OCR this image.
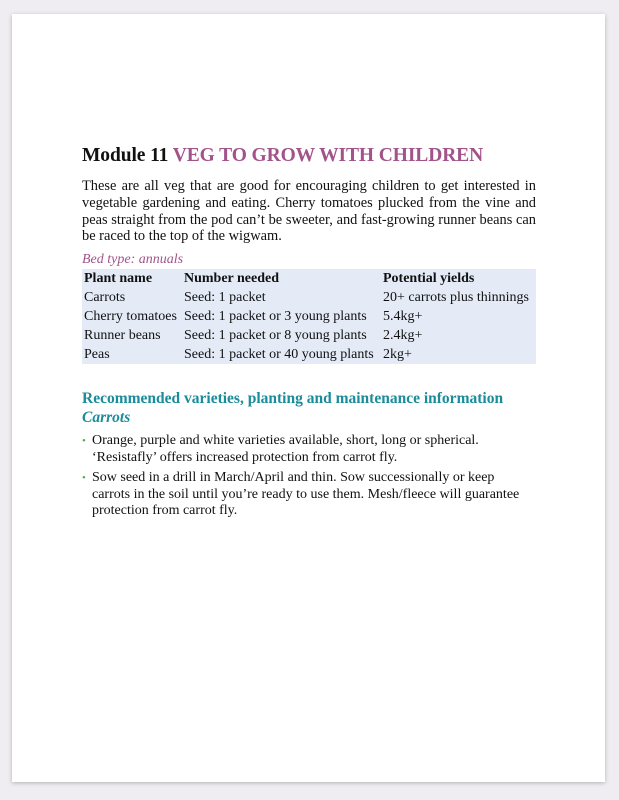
Module 11 VEG TO GROW WITH CHILDREN

These are all veg that are good for encouraging children to get interested in vegetable gardening and eating. Cherry tomatoes plucked from the vine and peas straight from the pod can’t be sweeter, and fast-growing runner beans can be raced to the top of the wigwam.

Bed type: annuals

Plant name	Number needed	Potential yields
Carrots	Seed: 1 packet	20+ carrots plus thinnings
Cherry tomatoes	Seed: 1 packet or 3 young plants	5.4kg+
Runner beans	Seed: 1 packet or 8 young plants	2.4kg+
Peas	Seed: 1 packet or 40 young plants	2kg+
Recommended varieties, planting and maintenance information
Carrots
• Orange, purple and white varieties available, short, long or spherical. ‘Resistafly’ offers increased protection from carrot fly.
• Sow seed in a drill in March/April and thin. Sow successionally or keep carrots in the soil until you’re ready to use them. Mesh/fleece will guarantee protection from carrot fly.
